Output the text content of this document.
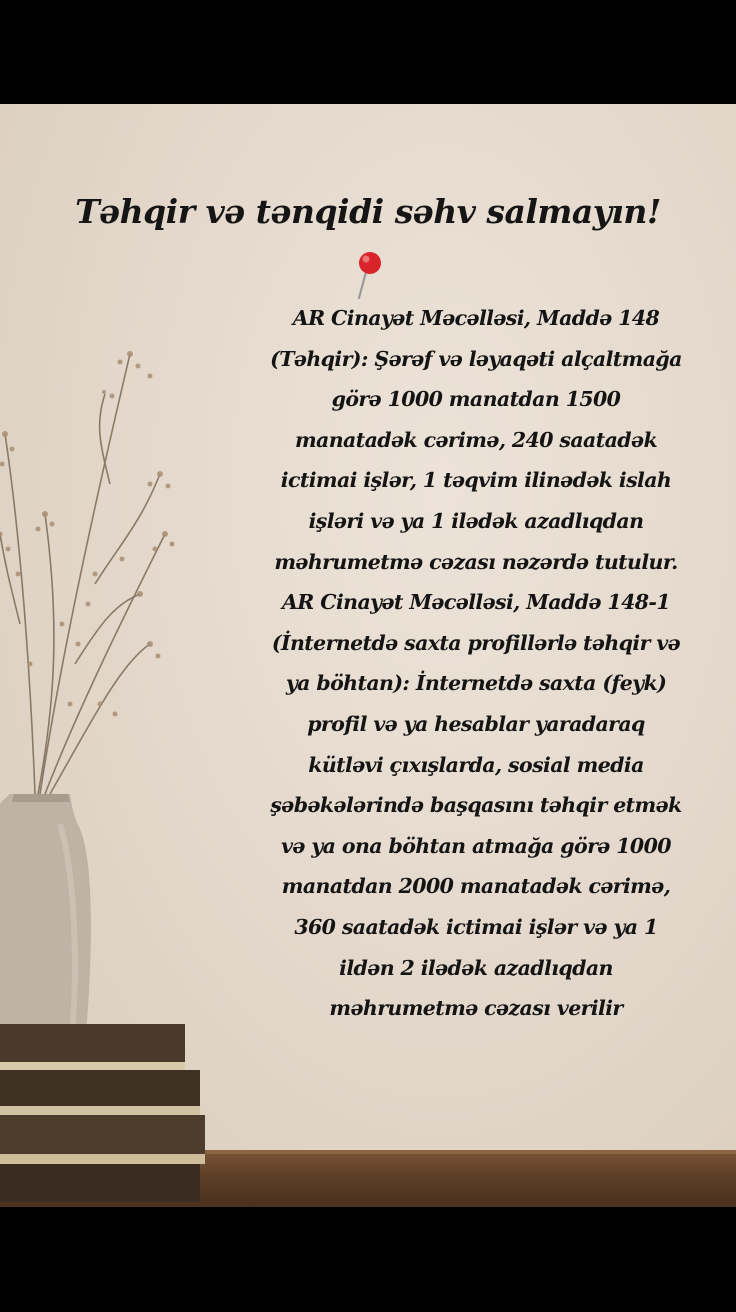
Təhqir və tənqidi səhv salmayın!

AR Cinayət Məcəlləsi, Maddə 148
(Təhqir): Şərəf və ləyaqəti alçaltmağa
görə 1000 manatdan 1500
manatadək cərimə, 240 saatadək
ictimai işlər, 1 təqvim ilinədək islah
işləri və ya 1 ilədək azadlıqdan
məhrumetmə cəzası nəzərdə tutulur.
AR Cinayət Məcəlləsi, Maddə 148-1
(İnternetdə saxta profillərlə təhqir və
ya böhtan): İnternetdə saxta (feyk)
profil və ya hesablar yaradaraq
kütləvi çıxışlarda, sosial media
şəbəkələrində başqasını təhqir etmək
və ya ona böhtan atmağa görə 1000
manatdan 2000 manatadək cərimə,
360 saatadək ictimai işlər və ya 1
ildən 2 ilədək azadlıqdan
məhrumetmə cəzası verilir
